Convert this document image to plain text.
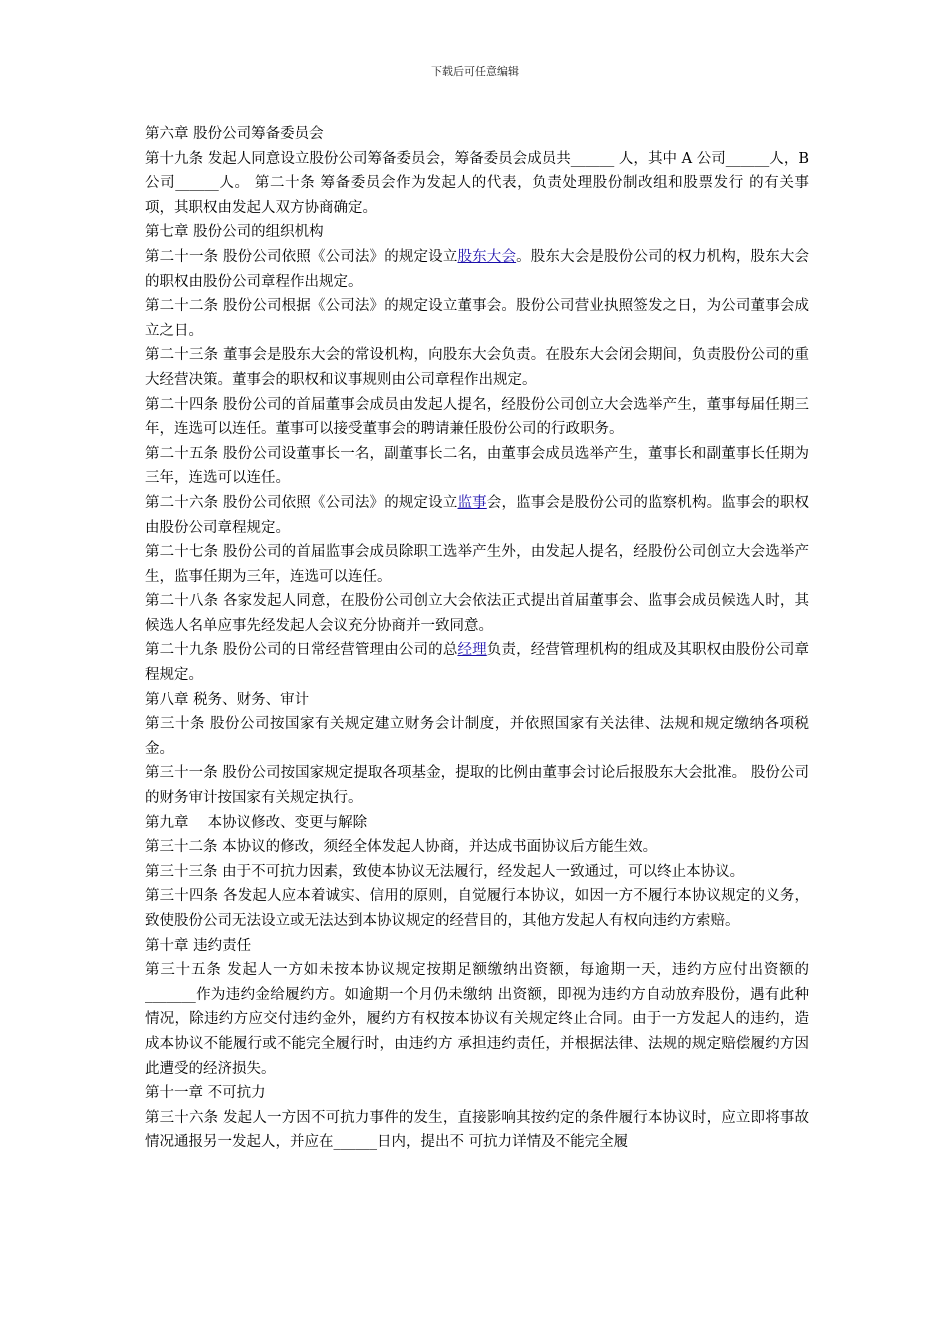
下载后可任意编辑

第六章 股份公司筹备委员会

第十九条 发起人同意设立股份公司筹备委员会，筹备委员会成员共______ 人，其中 A 公司______人，B 公司______人。 第二十条 筹备委员会作为发起人的代表，负责处理股份制改组和股票发行 的有关事项，其职权由发起人双方协商确定。

第七章 股份公司的组织机构

第二十一条 股份公司依照《公司法》的规定设立股东大会。股东大会是股份公司的权力机构，股东大会的职权由股份公司章程作出规定。

第二十二条 股份公司根据《公司法》的规定设立董事会。股份公司营业执照签发之日，为公司董事会成立之日。

第二十三条 董事会是股东大会的常设机构，向股东大会负责。在股东大会闭会期间，负责股份公司的重大经营决策。董事会的职权和议事规则由公司章程作出规定。

第二十四条 股份公司的首届董事会成员由发起人提名，经股份公司创立大会选举产生，董事每届任期三年，连选可以连任。董事可以接受董事会的聘请兼任股份公司的行政职务。

第二十五条 股份公司设董事长一名，副董事长二名，由董事会成员选举产生，董事长和副董事长任期为三年，连选可以连任。

第二十六条 股份公司依照《公司法》的规定设立监事会，监事会是股份公司的监察机构。监事会的职权由股份公司章程规定。

第二十七条 股份公司的首届监事会成员除职工选举产生外，由发起人提名，经股份公司创立大会选举产生，监事任期为三年，连选可以连任。

第二十八条 各家发起人同意，在股份公司创立大会依法正式提出首届董事会、监事会成员候选人时，其候选人名单应事先经发起人会议充分协商并一致同意。

第二十九条 股份公司的日常经营管理由公司的总经理负责，经营管理机构的组成及其职权由股份公司章程规定。

第八章 税务、财务、审计

第三十条 股份公司按国家有关规定建立财务会计制度，并依照国家有关法律、法规和规定缴纳各项税金。

第三十一条 股份公司按国家规定提取各项基金，提取的比例由董事会讨论后报股东大会批准。 股份公司的财务审计按国家有关规定执行。

第九章　 本协议修改、变更与解除

第三十二条 本协议的修改，须经全体发起人协商，并达成书面协议后方能生效。

第三十三条 由于不可抗力因素，致使本协议无法履行，经发起人一致通过，可以终止本协议。

第三十四条 各发起人应本着诚实、信用的原则，自觉履行本协议，如因一方不履行本协议规定的义务，致使股份公司无法设立或无法达到本协议规定的经营目的，其他方发起人有权向违约方索赔。

第十章 违约责任

第三十五条 发起人一方如未按本协议规定按期足额缴纳出资额，每逾期一天，违约方应付出资额的_______作为违约金给履约方。如逾期一个月仍未缴纳 出资额，即视为违约方自动放弃股份，遇有此种情况，除违约方应交付违约金外，履约方有权按本协议有关规定终止合同。由于一方发起人的违约，造成本协议不能履行或不能完全履行时，由违约方 承担违约责任，并根据法律、法规的规定赔偿履约方因此遭受的经济损失。

第十一章 不可抗力

第三十六条 发起人一方因不可抗力事件的发生，直接影响其按约定的条件履行本协议时，应立即将事故情况通报另一发起人，并应在______日内，提出不 可抗力详情及不能完全履
